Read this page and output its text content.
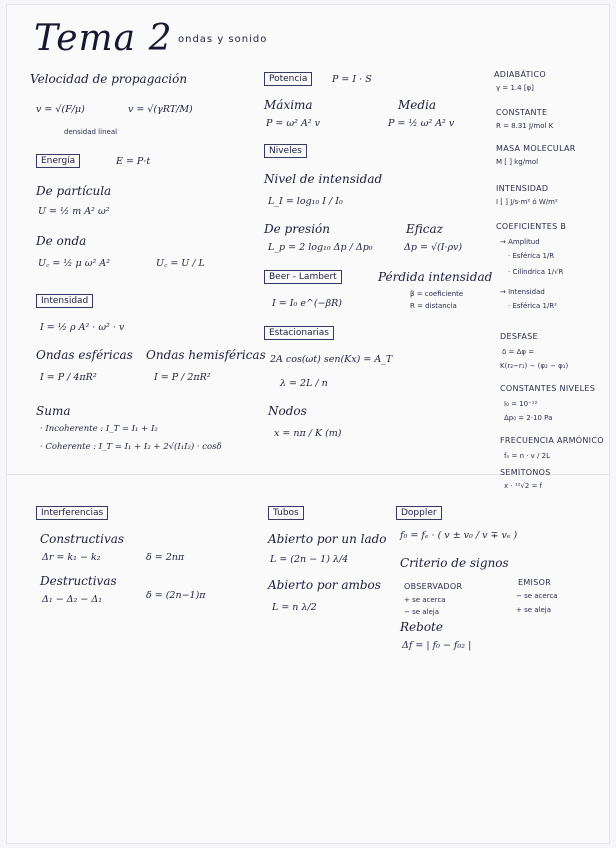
Tema 2 ondas y sonido
Velocidad de propagación
v = √(F/μ)
densidad lineal
v = √(γRT/M)
Energía	E = P·t
De partícula
U = ½ m A² ω²
De onda
U꜀ = ½ μ ω² A²	U꜀ = U / L
Intensidad
I = ½ ρ A² · ω² · v
Ondas esféricas
I = P / 4πR²
Ondas hemisféricas
I = P / 2πR²
Suma
· Incoherente : I_T = I₁ + I₂
· Coherente : I_T = I₁ + I₂ + 2√(I₁I₂) · cosδ
Interferencias
Constructivas
Δr = k₁ − k₂	δ = 2nπ
Destructivas
Δ₁ − Δ₂ − Δ₁	δ = (2n−1)π
Potencia	P = I · S
Máxima
P = ω² A² v
Media
P = ½ ω² A² v
Niveles
Nivel de intensidad
L_I = log₁₀ I / I₀
De presión
L_p = 2 log₁₀ Δp / Δp₀
Eficaz
Δp = √(I·ρv)
Beer - Lambert
I = I₀ e^(−βR)
Pérdida intensidad
β = coeficiente
R = distancia
Estacionarias
2A cos(ωt) sen(Kx) = A_T
λ = 2L / n
Nodos
x = nπ / K (m)
Tubos
Abierto por un lado
L = (2n − 1) λ/4
Abierto por ambos
L = n λ/2
Doppler
f₀ = fₑ · ( v ± v₀ / v ∓ vₑ )
Criterio de signos
OBSERVADOR
+ se acerca
− se aleja
EMISOR
− se acerca
+ se aleja
Rebote
Δf = | f₀ − f₀₂ |
ADIABÁTICO
γ = 1.4 [φ]
CONSTANTE
R = 8.31 J/mol K
MASA MOLECULAR
M [ ] kg/mol
INTENSIDAD
I [ ] J/s·m² ó W/m²
COEFICIENTES Β
→ Amplitud
· Esférica 1/R
· Cilíndrica 1/√R
→ Intensidad
· Esférica 1/R²
DESFASE
δ = Δφ =
K(r₂−r₁) − (φ₂ − φ₁)
CONSTANTES NIVELES
I₀ = 10⁻¹²
Δp₀ = 2·10 Pa
FRECUENCIA ARMÓNICO
fₙ = n · v / 2L
SEMITONOS
x · ¹²√2 = f
